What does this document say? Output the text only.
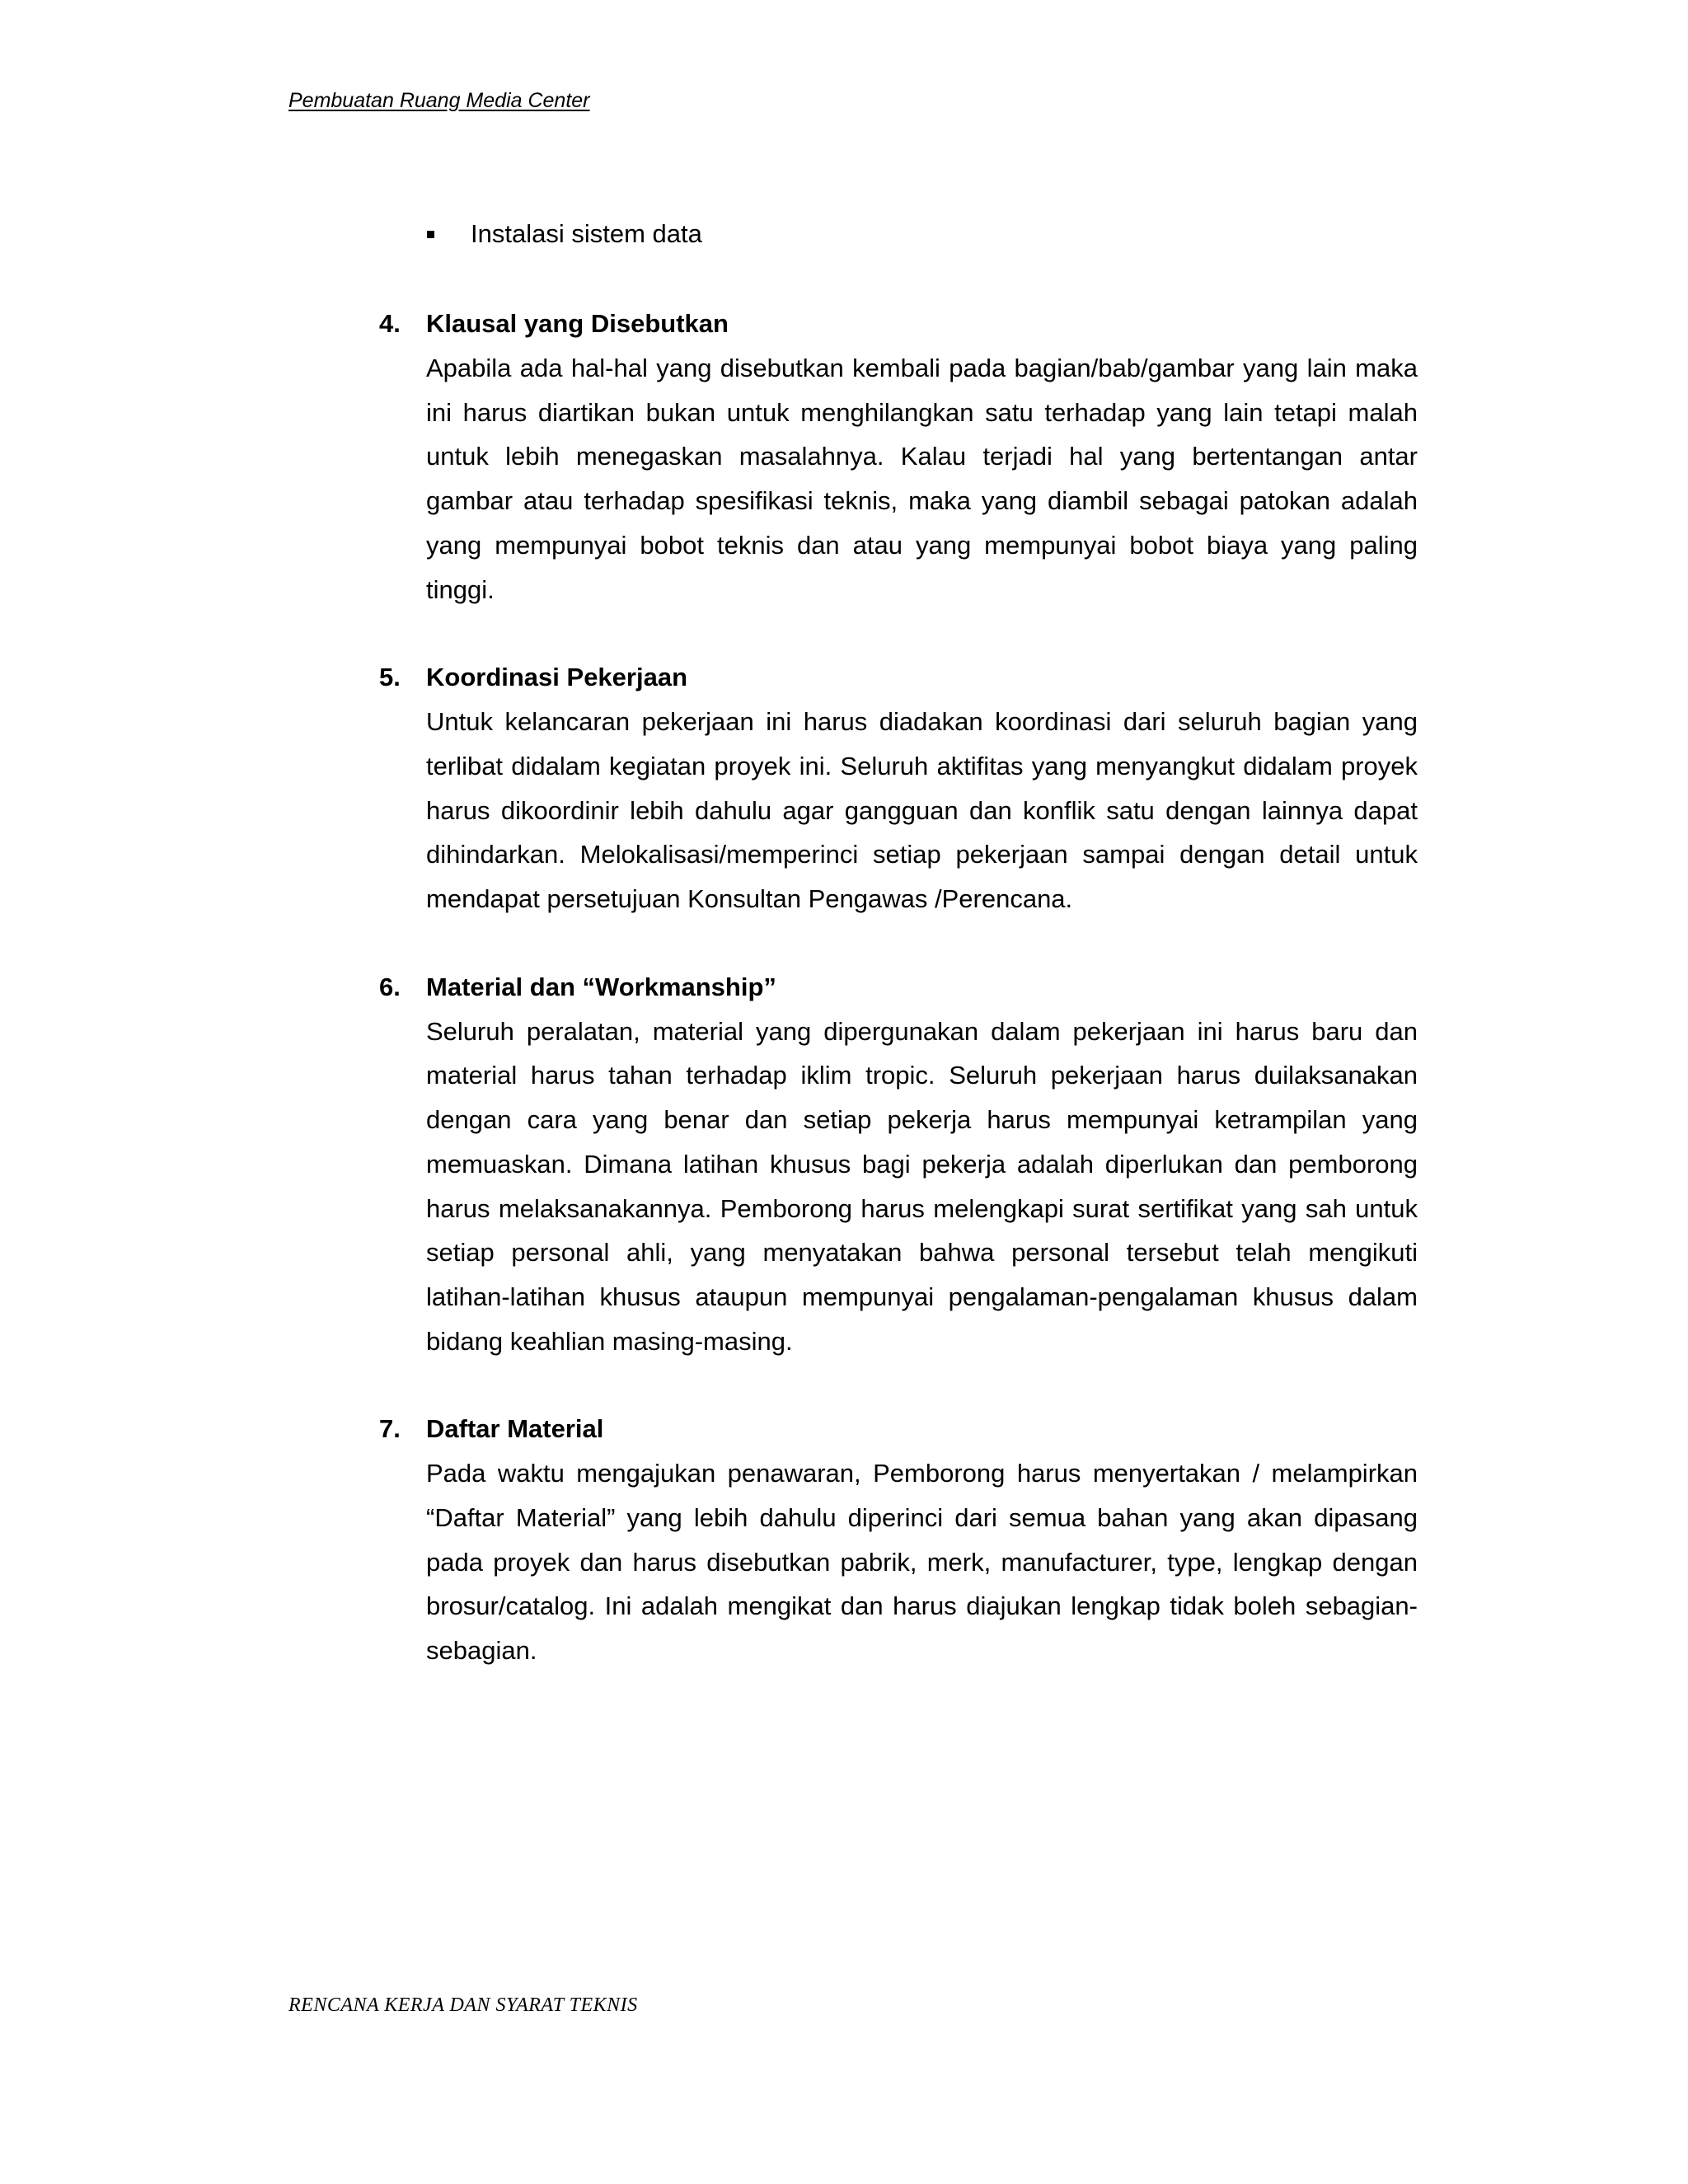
Pembuatan Ruang Media Center
Instalasi sistem data
4.	Klausal yang Disebutkan

Apabila ada hal-hal yang disebutkan kembali pada bagian/bab/gambar yang lain maka ini harus diartikan bukan untuk menghilangkan satu terhadap yang lain tetapi malah untuk lebih menegaskan masalahnya. Kalau terjadi hal yang bertentangan antar gambar atau terhadap spesifikasi teknis, maka yang diambil sebagai patokan adalah yang mempunyai bobot teknis dan atau yang mempunyai bobot biaya yang paling tinggi.

5.	Koordinasi Pekerjaan

Untuk kelancaran pekerjaan ini harus diadakan koordinasi dari seluruh bagian yang terlibat didalam kegiatan proyek ini. Seluruh aktifitas yang menyangkut didalam proyek harus dikoordinir lebih dahulu agar gangguan dan konflik satu dengan lainnya dapat dihindarkan. Melokalisasi/memperinci setiap pekerjaan sampai dengan detail untuk mendapat persetujuan Konsultan Pengawas /Perencana.

6.	Material dan “Workmanship”

Seluruh peralatan, material yang dipergunakan dalam pekerjaan ini harus baru dan material harus tahan terhadap iklim tropic. Seluruh pekerjaan harus duilaksanakan dengan cara yang benar dan setiap pekerja harus mempunyai ketrampilan yang memuaskan. Dimana latihan khusus bagi pekerja adalah diperlukan dan pemborong harus melaksanakannya. Pemborong harus melengkapi surat sertifikat yang sah untuk setiap personal ahli, yang menyatakan bahwa personal tersebut telah mengikuti latihan-latihan khusus ataupun mempunyai pengalaman-pengalaman khusus dalam bidang keahlian masing-masing.

7.	Daftar Material

Pada waktu mengajukan penawaran, Pemborong harus menyertakan / melampirkan “Daftar Material” yang lebih dahulu diperinci dari semua bahan yang akan dipasang pada proyek dan harus disebutkan pabrik, merk, manufacturer, type, lengkap dengan brosur/catalog. Ini adalah mengikat dan harus diajukan lengkap tidak boleh sebagian-sebagian.

RENCANA KERJA DAN SYARAT TEKNIS
